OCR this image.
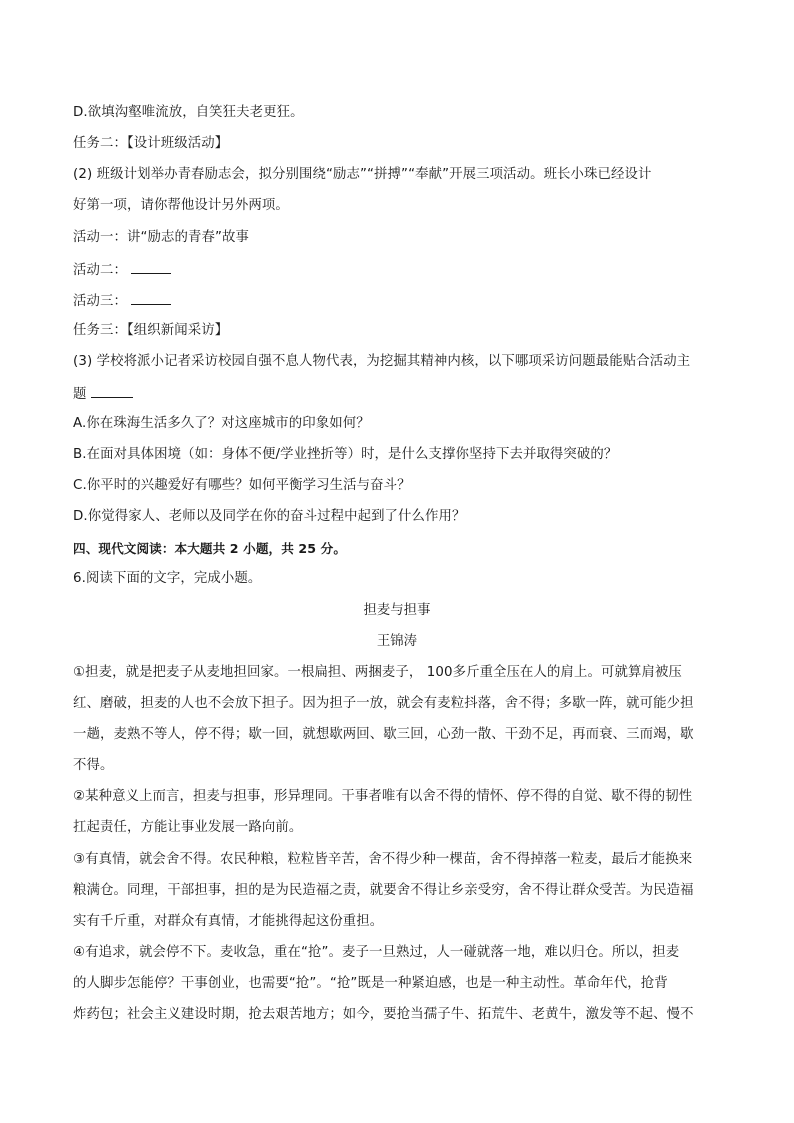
D.欲填沟壑唯流放，自笑狂夫老更狂。
任务二：【设计班级活动】
(2) 班级计划举办青春励志会，拟分别围绕“励志”“拼搏”“奉献”开展三项活动。班长小珠已经设计
好第一项，请你帮他设计另外两项。
活动一：讲“励志的青春”故事
活动二：
活动三：
任务三：【组织新闻采访】
(3) 学校将派小记者采访校园自强不息人物代表，为挖掘其精神内核，以下哪项采访问题最能贴合活动主
题
A.你在珠海生活多久了？对这座城市的印象如何？
B.在面对具体困境（如：身体不便/学业挫折等）时，是什么支撑你坚持下去并取得突破的？
C.你平时的兴趣爱好有哪些？如何平衡学习生活与奋斗？
D.你觉得家人、老师以及同学在你的奋斗过程中起到了什么作用？
四、现代文阅读：本大题共 2 小题，共 25 分。
6.阅读下面的文字，完成小题。
担麦与担事
王锦涛
①担麦，就是把麦子从麦地担回家。一根扁担、两捆麦子， 100多斤重全压在人的肩上。可就算肩被压
红、磨破，担麦的人也不会放下担子。因为担子一放，就会有麦粒抖落，舍不得；多歇一阵，就可能少担
一趟，麦熟不等人，停不得；歇一回，就想歇两回、歇三回，心劲一散、干劲不足，再而衰、三而竭，歇
不得。
②某种意义上而言，担麦与担事，形异理同。干事者唯有以舍不得的情怀、停不得的自觉、歇不得的韧性
扛起责任，方能让事业发展一路向前。
③有真情，就会舍不得。农民种粮，粒粒皆辛苦，舍不得少种一棵苗，舍不得掉落一粒麦，最后才能换来
粮满仓。同理，干部担事，担的是为民造福之责，就要舍不得让乡亲受穷，舍不得让群众受苦。为民造福
实有千斤重，对群众有真情，才能挑得起这份重担。
④有追求，就会停不下。麦收急，重在“抢”。麦子一旦熟过，人一碰就落一地，难以归仓。所以，担麦
的人脚步怎能停？干事创业，也需要“抢”。“抢”既是一种紧迫感，也是一种主动性。革命年代，抢背
炸药包；社会主义建设时期，抢去艰苦地方；如今，要抢当孺子牛、拓荒牛、老黄牛，激发等不起、慢不
